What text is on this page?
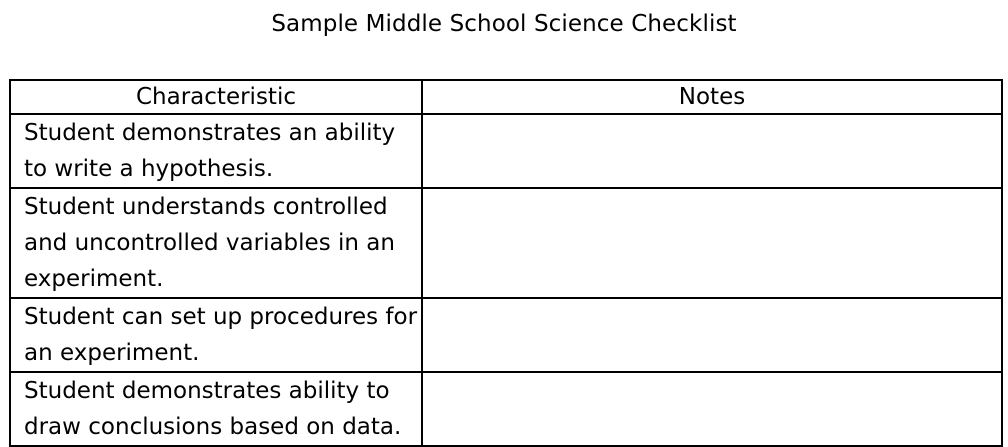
Sample Middle School Science Checklist
Characteristic	Notes
Student demonstrates an ability to write a hypothesis.	
Student understands controlled and uncontrolled variables in an experiment.	
Student can set up procedures for an experiment.	
Student demonstrates ability to draw conclusions based on data.	
